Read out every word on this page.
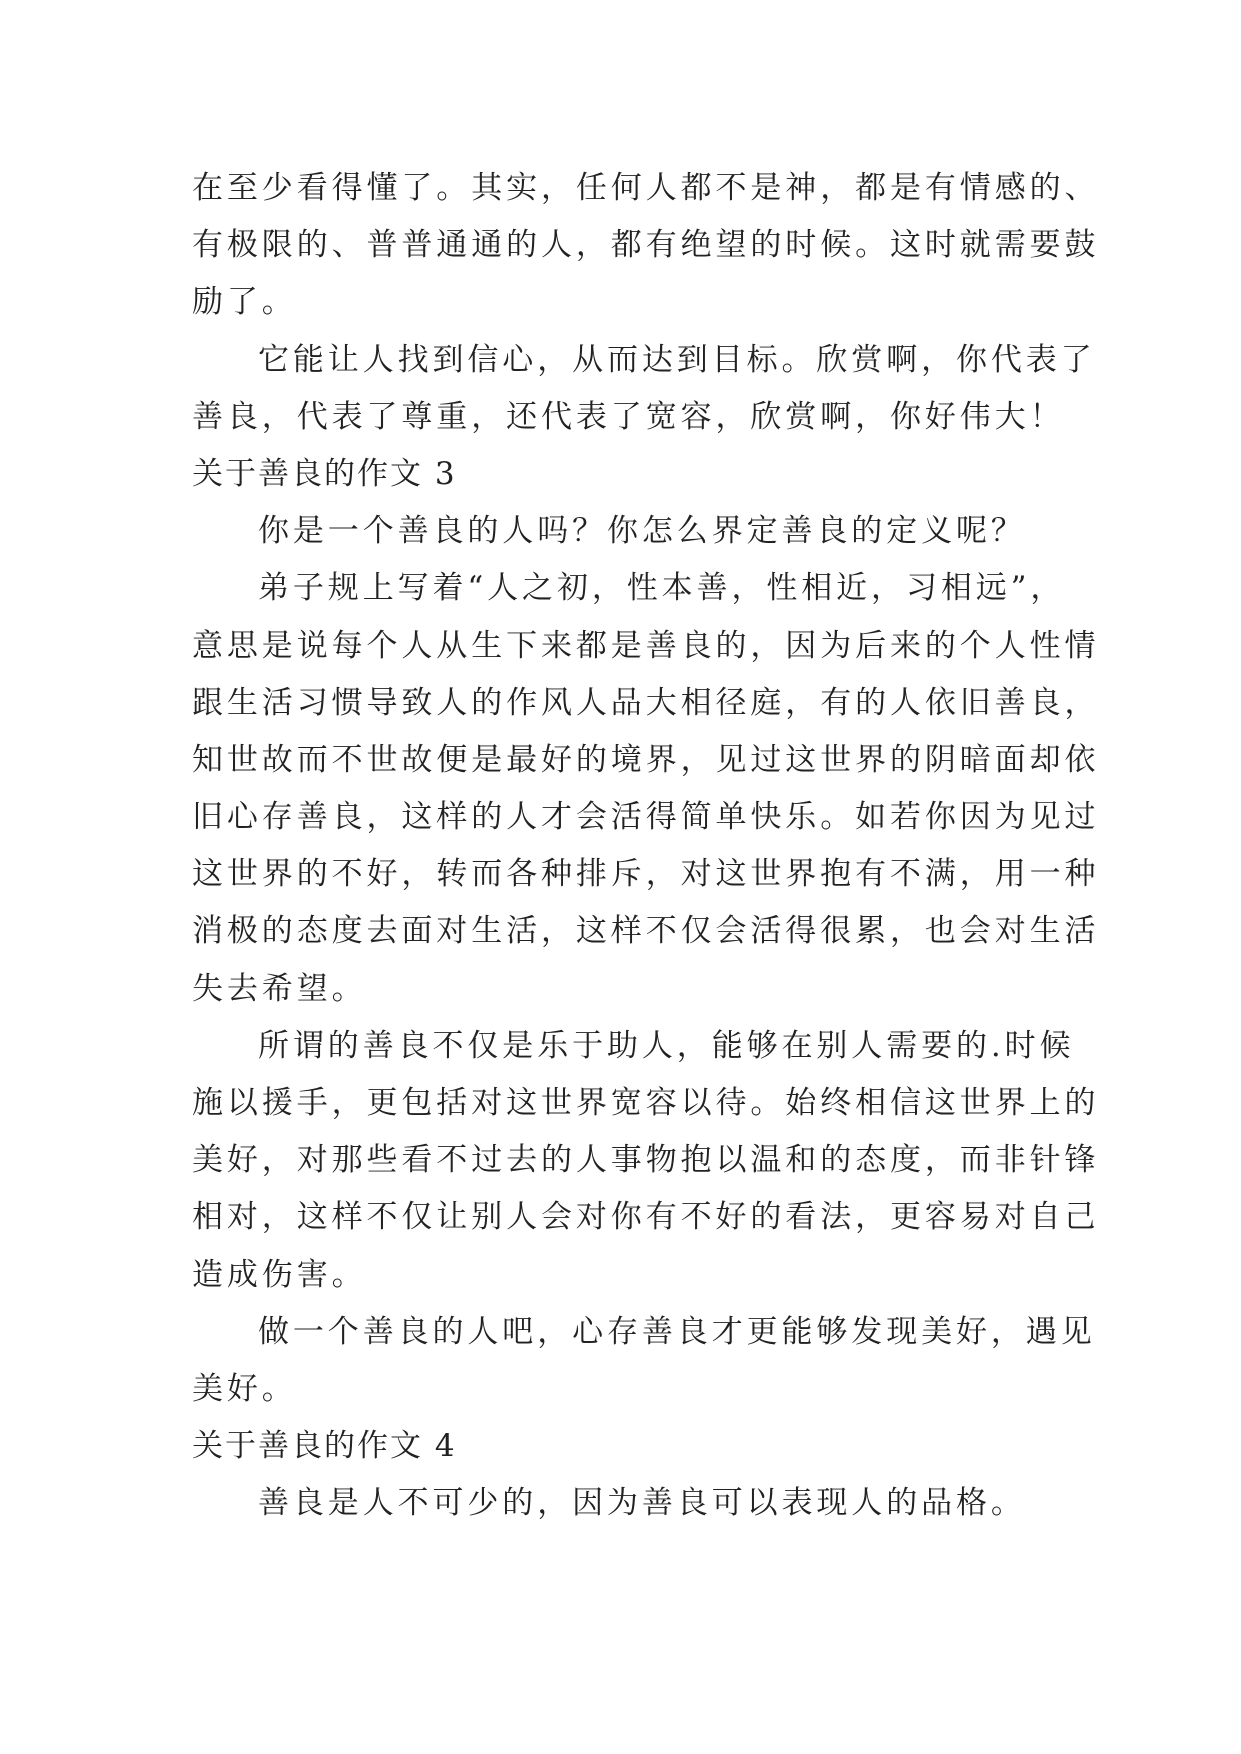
在至少看得懂了。其实，任何人都不是神，都是有情感的、
有极限的、普普通通的人，都有绝望的时候。这时就需要鼓
励了。
它能让人找到信心，从而达到目标。欣赏啊，你代表了
善良，代表了尊重，还代表了宽容，欣赏啊，你好伟大！
关于善良的作文 3
你是一个善良的人吗？你怎么界定善良的定义呢？
弟子规上写着“人之初，性本善，性相近，习相远”，
意思是说每个人从生下来都是善良的，因为后来的个人性情
跟生活习惯导致人的作风人品大相径庭，有的人依旧善良，
知世故而不世故便是最好的境界，见过这世界的阴暗面却依
旧心存善良，这样的人才会活得简单快乐。如若你因为见过
这世界的不好，转而各种排斥，对这世界抱有不满，用一种
消极的态度去面对生活，这样不仅会活得很累，也会对生活
失去希望。
所谓的善良不仅是乐于助人，能够在别人需要的.时候
施以援手，更包括对这世界宽容以待。始终相信这世界上的
美好，对那些看不过去的人事物抱以温和的态度，而非针锋
相对，这样不仅让别人会对你有不好的看法，更容易对自己
造成伤害。
做一个善良的人吧，心存善良才更能够发现美好，遇见
美好。
关于善良的作文 4
善良是人不可少的，因为善良可以表现人的品格。
